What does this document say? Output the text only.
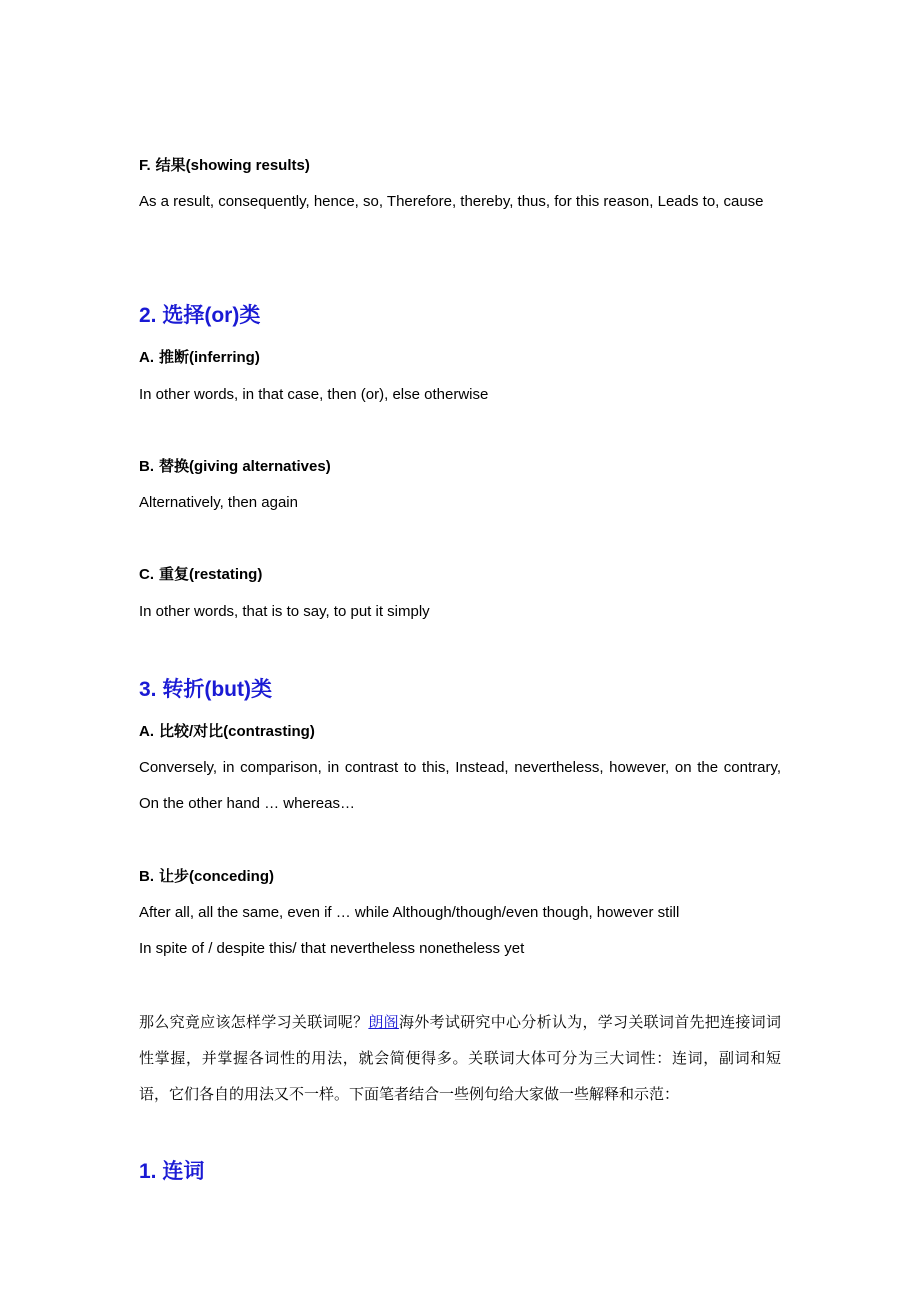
F. 结果(showing results)
As a result, consequently, hence, so, Therefore, thereby, thus, for this reason, Leads to, cause
2. 选择(or)类
A. 推断(inferring)
In other words, in that case, then (or), else otherwise
B. 替换(giving alternatives)
Alternatively, then again
C. 重复(restating)
In other words, that is to say, to put it simply
3. 转折(but)类
A. 比较/对比(contrasting)
Conversely, in comparison, in contrast to this, Instead, nevertheless, however, on the contrary, On the other hand … whereas…
B. 让步(conceding)
After all, all the same, even if … while Although/though/even though, however still
In spite of / despite this/ that nevertheless nonetheless yet
那么究竟应该怎样学习关联词呢？朗阁海外考试研究中心分析认为，学习关联词首先把连接词词性掌握，并掌握各词性的用法，就会简便得多。关联词大体可分为三大词性：连词，副词和短语，它们各自的用法又不一样。下面笔者结合一些例句给大家做一些解释和示范：
1. 连词
